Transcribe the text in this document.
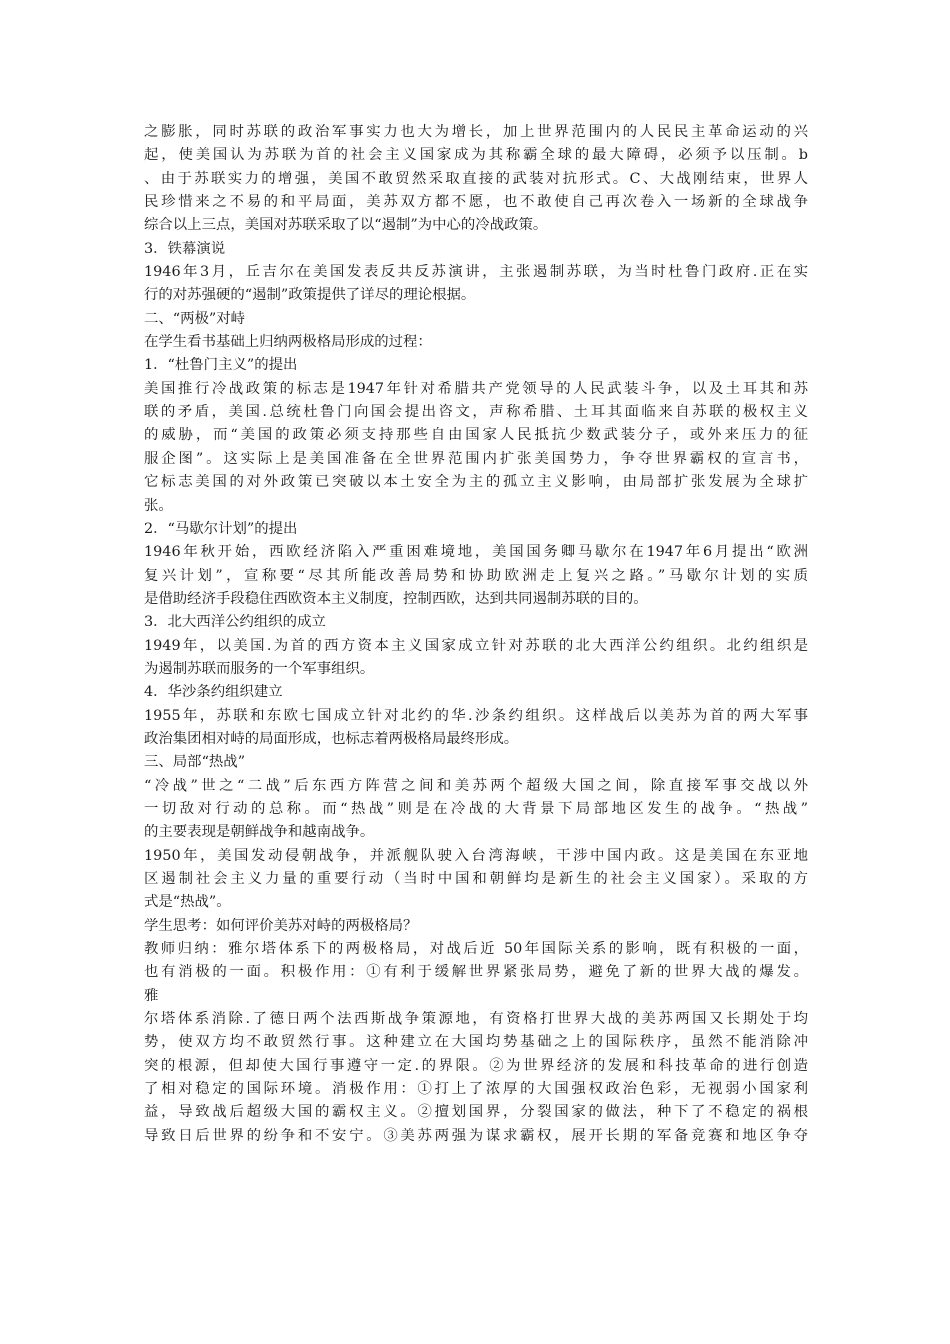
之膨胀，同时苏联的政治军事实力也大为增长，加上世界范围内的人民民主革命运动的兴
起，使美国认为苏联为首的社会主义国家成为其称霸全球的最大障碍，必须予以压制。b
、由于苏联实力的增强，美国不敢贸然采取直接的武装对抗形式。C、大战刚结束，世界人
民珍惜来之不易的和平局面，美苏双方都不愿，也不敢使自己再次卷入一场新的全球战争
综合以上三点，美国对苏联采取了以“遏制”为中心的冷战政策。
3．铁幕演说
1946年3月，丘吉尔在美国发表反共反苏演讲，主张遏制苏联，为当时杜鲁门政府.正在实
行的对苏强硬的“遏制”政策提供了详尽的理论根据。
二、“两极”对峙
在学生看书基础上归纳两极格局形成的过程：
1．“杜鲁门主义”的提出
美国推行冷战政策的标志是1947年针对希腊共产党领导的人民武装斗争，以及土耳其和苏
联的矛盾，美国.总统杜鲁门向国会提出咨文，声称希腊、土耳其面临来自苏联的极权主义
的威胁，而“美国的政策必须支持那些自由国家人民抵抗少数武装分子，或外来压力的征
服企图”。这实际上是美国准备在全世界范围内扩张美国势力，争夺世界霸权的宣言书，
它标志美国的对外政策已突破以本土安全为主的孤立主义影响，由局部扩张发展为全球扩
张。
2．“马歇尔计划”的提出
1946年秋开始，西欧经济陷入严重困难境地，美国国务卿马歇尔在1947年6月提出“欧洲
复兴计划”，宣称要“尽其所能改善局势和协助欧洲走上复兴之路。”马歇尔计划的实质
是借助经济手段稳住西欧资本主义制度，控制西欧，达到共同遏制苏联的目的。
3．北大西洋公约组织的成立
1949年，以美国.为首的西方资本主义国家成立针对苏联的北大西洋公约组织。北约组织是
为遏制苏联而服务的一个军事组织。
4．华沙条约组织建立
1955年，苏联和东欧七国成立针对北约的华.沙条约组织。这样战后以美苏为首的两大军事
政治集团相对峙的局面形成，也标志着两极格局最终形成。
三、局部“热战”
“冷战”世之“二战”后东西方阵营之间和美苏两个超级大国之间，除直接军事交战以外
一切敌对行动的总称。而“热战”则是在冷战的大背景下局部地区发生的战争。“热战”
的主要表现是朝鲜战争和越南战争。
1950年，美国发动侵朝战争，并派舰队驶入台湾海峡，干涉中国内政。这是美国在东亚地
区遏制社会主义力量的重要行动（当时中国和朝鲜均是新生的社会主义国家）。采取的方
式是“热战”。
学生思考：如何评价美苏对峙的两极格局？
教师归纳：雅尔塔体系下的两极格局，对战后近 50年国际关系的影响，既有积极的一面，
也有消极的一面。积极作用：①有利于缓解世界紧张局势，避免了新的世界大战的爆发。
雅
尔塔体系消除.了德日两个法西斯战争策源地，有资格打世界大战的美苏两国又长期处于均
势，使双方均不敢贸然行事。这种建立在大国均势基础之上的国际秩序，虽然不能消除冲
突的根源，但却使大国行事遵守一定.的界限。②为世界经济的发展和科技革命的进行创造
了相对稳定的国际环境。消极作用：①打上了浓厚的大国强权政治色彩，无视弱小国家利
益，导致战后超级大国的霸权主义。②擅划国界，分裂国家的做法，种下了不稳定的祸根
导致日后世界的纷争和不安宁。③美苏两强为谋求霸权，展开长期的军备竞赛和地区争夺
